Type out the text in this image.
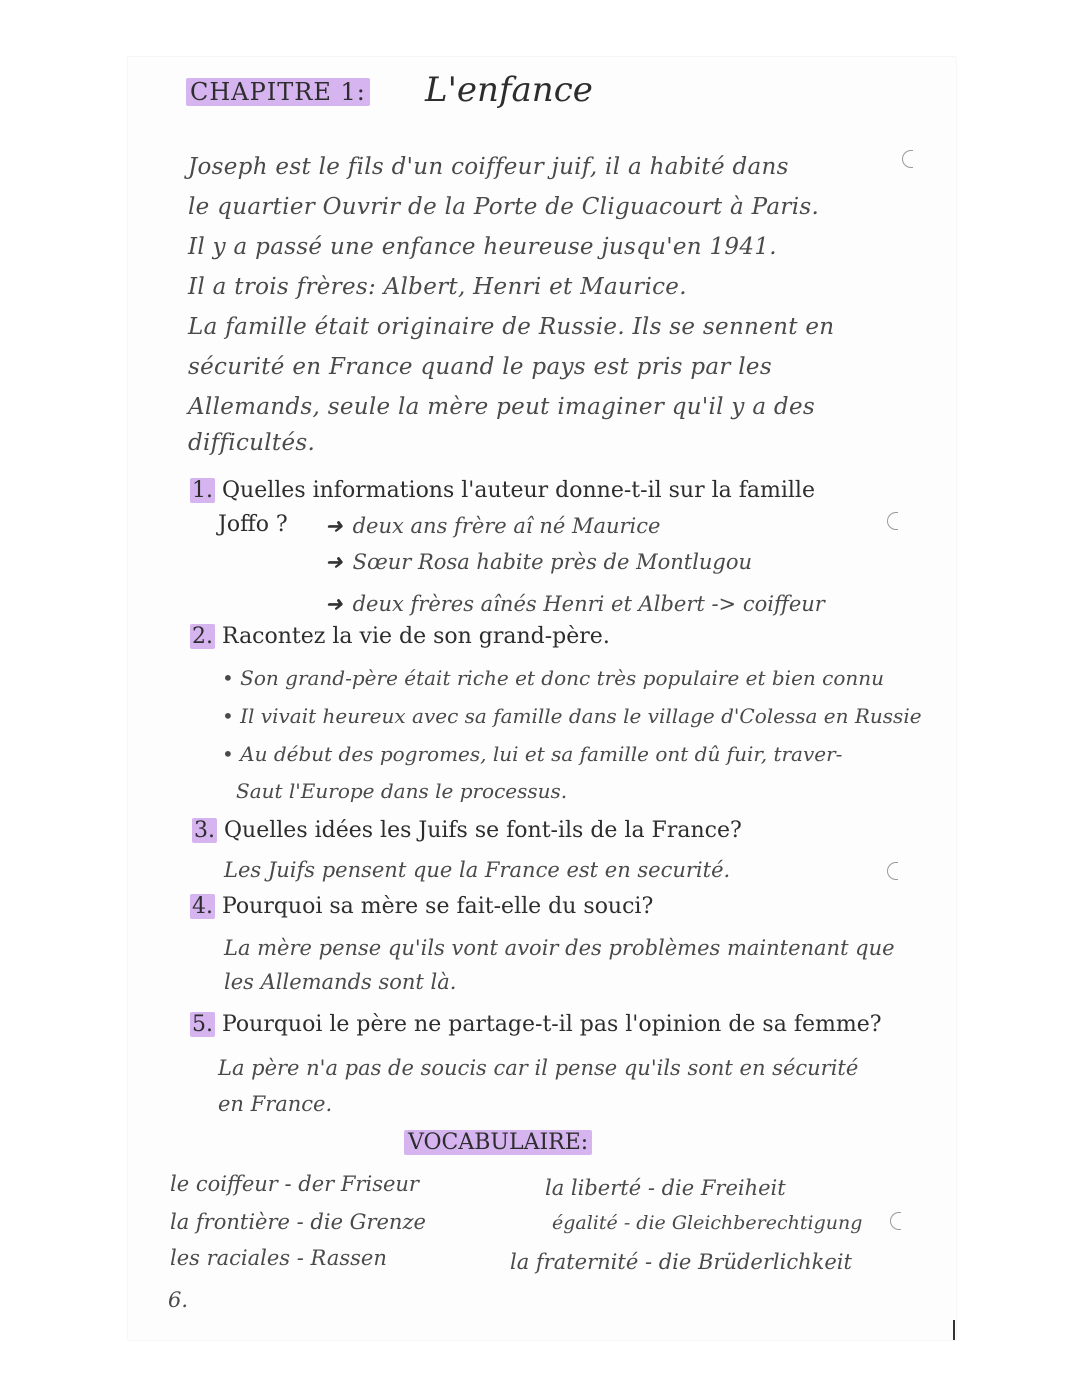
CHAPITRE 1: L'enfance
Joseph est le fils d'un coiffeur juif, il a habité dans
le quartier Ouvrir de la Porte de Cliguacourt à Paris.
Il y a passé une enfance heureuse jusqu'en 1941.
Il a trois frères: Albert, Henri et Maurice.
La famille était originaire de Russie. Ils se sennent en
sécurité en France quand le pays est pris par les
Allemands, seule la mère peut imaginer qu'il y a des
difficultés.
1. Quelles informations l'auteur donne-t-il sur la famille
Joffo ? ➜ deux ans frère aî né Maurice
➜ Sœur Rosa habite près de Montlugou
➜ deux frères aînés Henri et Albert -> coiffeur
2. Racontez la vie de son grand-père.
• Son grand-père était riche et donc très populaire et bien connu
• Il vivait heureux avec sa famille dans le village d'Colessa en Russie
• Au début des pogromes, lui et sa famille ont dû fuir, traver-
Saut l'Europe dans le processus.
3. Quelles idées les Juifs se font-ils de la France?
Les Juifs pensent que la France est en securité.
4. Pourquoi sa mère se fait-elle du souci?
La mère pense qu'ils vont avoir des problèmes maintenant que
les Allemands sont là.
5. Pourquoi le père ne partage-t-il pas l'opinion de sa femme?
La père n'a pas de soucis car il pense qu'ils sont en sécurité
en France.
VOCABULAIRE:
le coiffeur - der Friseur
la frontière - die Grenze
les raciales - Rassen
la liberté - die Freiheit
égalité - die Gleichberechtigung
la fraternité - die Brüderlichkeit
6.
